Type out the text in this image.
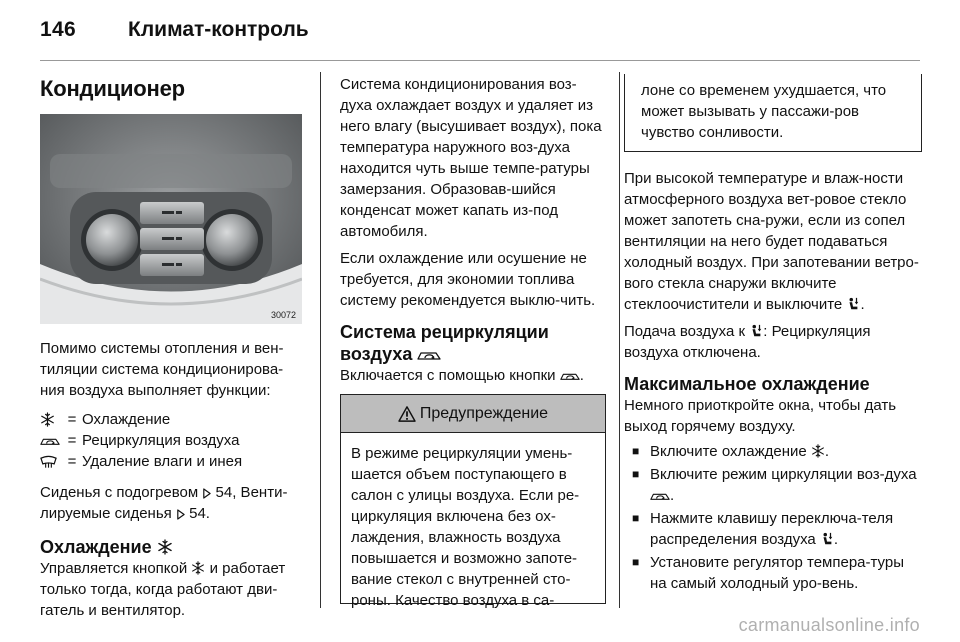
146 Климат-контроль
Кондиционер
30072

Помимо системы отопления и вен-тиляции система кондиционирова-ния воздуха выполняет функции:

= Охлаждение
= Рециркуляция воздуха
= Удаление влаги и инея

Сиденья с подогревом  54, Венти-лируемые сиденья  54.

Охлаждение

Управляется кнопкой  и работает только тогда, когда работают дви-гатель и вентилятор.

Система кондиционирования воз-духа охлаждает воздух и удаляет из него влагу (высушивает воздух), пока температура наружного воз-духа находится чуть выше темпе-ратуры замерзания. Образовав-шийся конденсат может капать из-под автомобиля.

Если охлаждение или осушение не требуется, для экономии топлива систему рекомендуется выклю-чить.

Система рециркуляции
воздуха

Включается с помощью кнопки .

Предупреждение
В режиме рециркуляции умень-шается объем поступающего в салон с улицы воздуха. Если ре-циркуляция включена без ох-лаждения, влажность воздуха повышается и возможно запоте-вание стекол с внутренней сто-роны. Качество воздуха в са-
лоне со временем ухудшается, что может вызывать у пассажи-ров чувство сонливости.

При высокой температуре и влаж-ности атмосферного воздуха вет-ровое стекло может запотеть сна-ружи, если из сопел вентиляции на него будет подаваться холодный воздух. При запотевании ветро-вого стекла снаружи включите стеклоочистители и выключите .

Подача воздуха к : Рециркуляция воздуха отключена.

Максимальное охлаждение

Немного приоткройте окна, чтобы дать выход горячему воздуху.

■ Включите охлаждение .
■ Включите режим циркуляции воз-духа .
■ Нажмите клавишу переключа-теля распределения воздуха .
■ Установите регулятор темпера-туры на самый холодный уро-вень.
carmanualsonline.info
